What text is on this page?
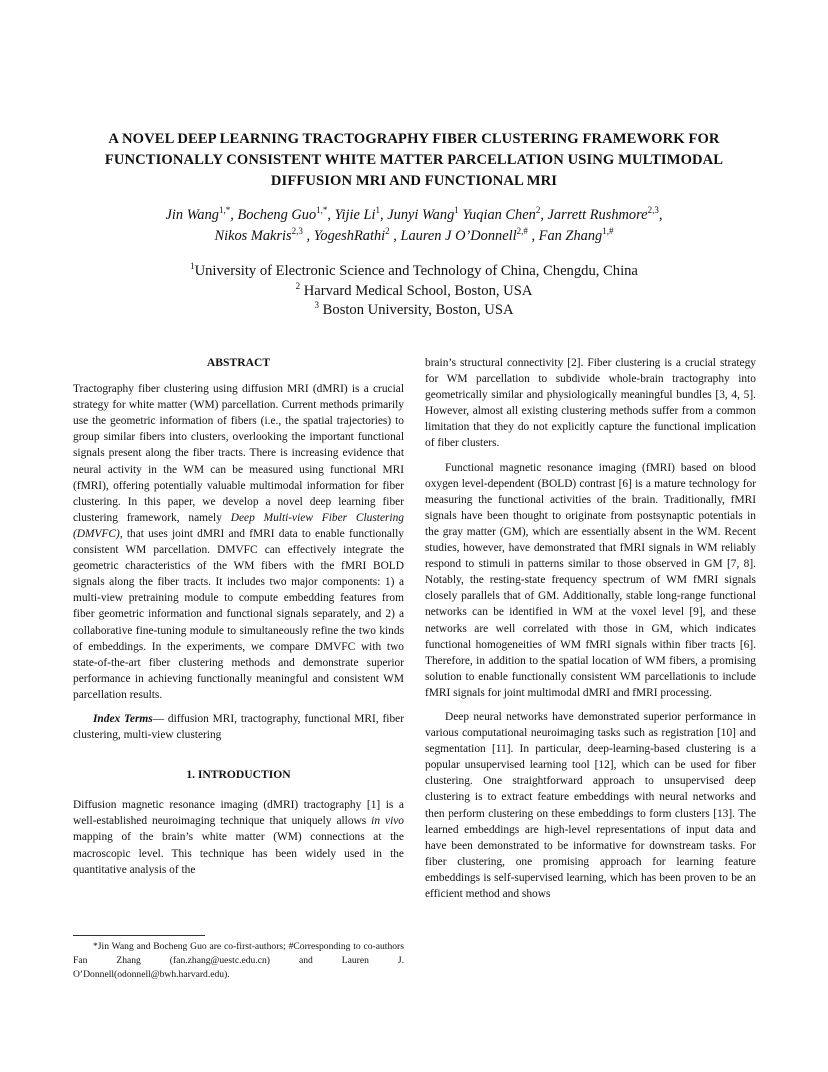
A NOVEL DEEP LEARNING TRACTOGRAPHY FIBER CLUSTERING FRAMEWORK FOR
FUNCTIONALLY CONSISTENT WHITE MATTER PARCELLATION USING MULTIMODAL
DIFFUSION MRI AND FUNCTIONAL MRI
Jin Wang$^{1,*}$, Bocheng Guo$^{1,*}$, Yijie Li$^1$, Junyi Wang$^1$ Yuqian Chen$^2$, Jarrett Rushmore$^{2,3}$,
Nikos Makris$^{2,3}$ , YogeshRathi$^2$ , Lauren J O’Donnell$^{2,\#}$ , Fan Zhang$^{1,\#}$
$^1$University of Electronic Science and Technology of China, Chengdu, China
$^2$ Harvard Medical School, Boston, USA
$^3$ Boston University, Boston, USA

ABSTRACT

Tractography fiber clustering using diffusion MRI (dMRI) is a crucial strategy for white matter (WM) parcellation. Current methods primarily use the geometric information of fibers (i.e., the spatial trajectories) to group similar fibers into clusters, overlooking the important functional signals present along the fiber tracts. There is increasing evidence that neural activity in the WM can be measured using functional MRI (fMRI), offering potentially valuable multimodal information for fiber clustering. In this paper, we develop a novel deep learning fiber clustering framework, namely Deep Multi-view Fiber Clustering (DMVFC), that uses joint dMRI and fMRI data to enable functionally consistent WM parcellation. DMVFC can effectively integrate the geometric characteristics of the WM fibers with the fMRI BOLD signals along the fiber tracts. It includes two major components: 1) a multi-view pretraining module to compute embedding features from fiber geometric information and functional signals separately, and 2) a collaborative fine-tuning module to simultaneously refine the two kinds of embeddings. In the experiments, we compare DMVFC with two state-of-the-art fiber clustering methods and demonstrate superior performance in achieving functionally meaningful and consistent WM parcellation results.

Index Terms— diffusion MRI, tractography, functional MRI, fiber clustering, multi-view clustering

1. INTRODUCTION

Diffusion magnetic resonance imaging (dMRI) tractography [1] is a well-established neuroimaging technique that uniquely allows in vivo mapping of the brain’s white matter (WM) connections at the macroscopic level. This technique has been widely used in the quantitative analysis of the

brain’s structural connectivity [2]. Fiber clustering is a crucial strategy for WM parcellation to subdivide whole-brain tractography into geometrically similar and physiologically meaningful bundles [3, 4, 5]. However, almost all existing clustering methods suffer from a common limitation that they do not explicitly capture the functional implication of fiber clusters.

Functional magnetic resonance imaging (fMRI) based on blood oxygen level-dependent (BOLD) contrast [6] is a mature technology for measuring the functional activities of the brain. Traditionally, fMRI signals have been thought to originate from postsynaptic potentials in the gray matter (GM), which are essentially absent in the WM. Recent studies, however, have demonstrated that fMRI signals in WM reliably respond to stimuli in patterns similar to those observed in GM [7, 8]. Notably, the resting-state frequency spectrum of WM fMRI signals closely parallels that of GM. Additionally, stable long-range functional networks can be identified in WM at the voxel level [9], and these networks are well correlated with those in GM, which indicates functional homogeneities of WM fMRI signals within fiber tracts [6]. Therefore, in addition to the spatial location of WM fibers, a promising solution to enable functionally consistent WM parcellationis to include fMRI signals for joint multimodal dMRI and fMRI processing.

Deep neural networks have demonstrated superior performance in various computational neuroimaging tasks such as registration [10] and segmentation [11]. In particular, deep-learning-based clustering is a popular unsupervised learning tool [12], which can be used for fiber clustering. One straightforward approach to unsupervised deep clustering is to extract feature embeddings with neural networks and then perform clustering on these embeddings to form clusters [13]. The learned embeddings are high-level representations of input data and have been demonstrated to be informative for downstream tasks. For fiber clustering, one promising approach for learning feature embeddings is self-supervised learning, which has been proven to be an efficient method and shows

*Jin Wang and Bocheng Guo are co-first-authors; #Corresponding to co-authors Fan Zhang (fan.zhang@uestc.edu.cn) and Lauren J. O’Donnell(odonnell@bwh.harvard.edu).
